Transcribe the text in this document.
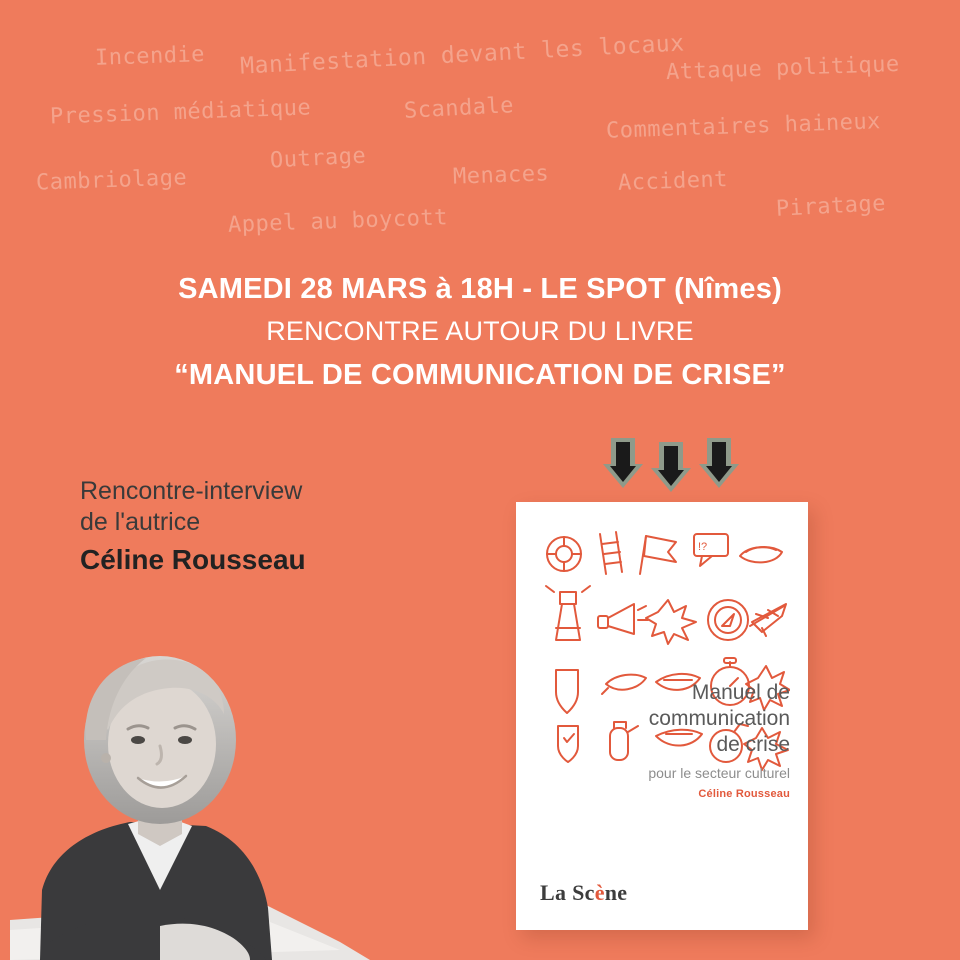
Incendie Manifestation devant les locaux
Attaque politique
Pression médiatique	Scandale
Commentaires haineux
Outrage
Menaces	Accident
Cambriolage
Piratage
Appel au boycott
SAMEDI 28 MARS à 18H - LE SPOT (Nîmes)
RENCONTRE AUTOUR DU LIVRE
“MANUEL DE COMMUNICATION DE CRISE”
Rencontre-interview
de l'autrice
Céline Rousseau	!?
Manuel de
communication
de crise
pour le secteur culturel
Céline Rousseau
La Scène
